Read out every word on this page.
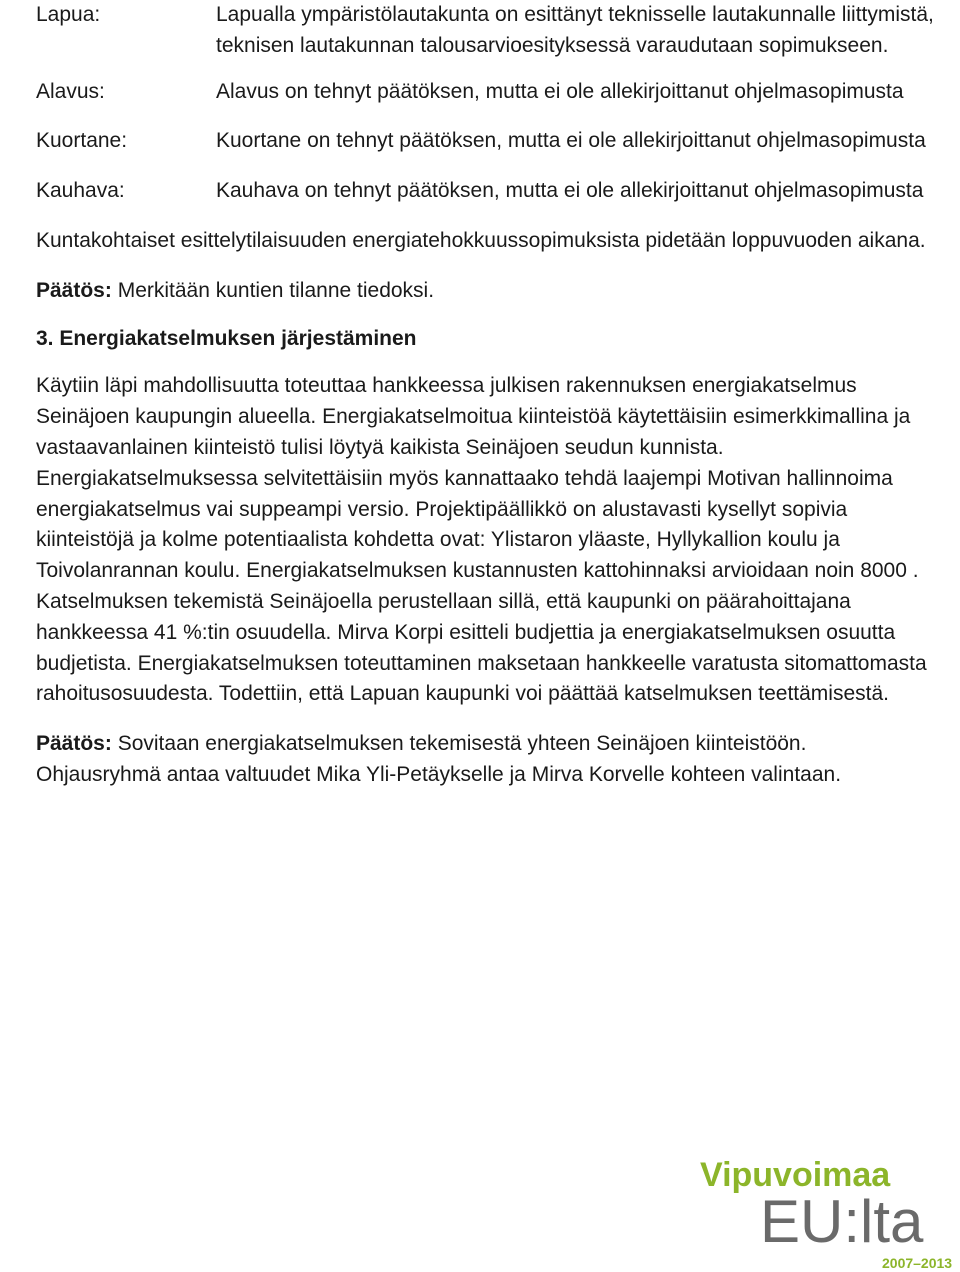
Lapua:	Lapualla ympäristölautakunta on esittänyt teknisselle lautakunnalle liittymistä, teknisen lautakunnan talousarvioesityksessä varaudutaan sopimukseen.
Alavus:	Alavus on tehnyt päätöksen, mutta ei ole allekirjoittanut ohjelmasopimusta
Kuortane:	Kuortane on tehnyt päätöksen, mutta ei ole allekirjoittanut ohjelmasopimusta
Kauhava:	Kauhava on tehnyt päätöksen, mutta ei ole allekirjoittanut ohjelmasopimusta

Kuntakohtaiset esittelytilaisuuden energiatehokkuussopimuksista pidetään loppuvuoden aikana.

Päätös: Merkitään kuntien tilanne tiedoksi.

3. Energiakatselmuksen järjestäminen

Käytiin läpi mahdollisuutta toteuttaa hankkeessa julkisen rakennuksen energiakatselmus Seinäjoen kaupungin alueella. Energiakatselmoitua kiinteistöä käytettäisiin esimerkkimallina ja vastaavanlainen kiinteistö tulisi löytyä kaikista Seinäjoen seudun kunnista. Energiakatselmuksessa selvitettäisiin myös kannattaako tehdä laajempi Motivan hallinnoima energiakatselmus vai suppeampi versio. Projektipäällikkö on alustavasti kysellyt sopivia kiinteistöjä ja kolme potentiaalista kohdetta ovat: Ylistaron yläaste, Hyllykallion koulu ja Toivolanrannan koulu. Energiakatselmuksen kustannusten kattohinnaksi arvioidaan noin 8000 . Katselmuksen tekemistä Seinäjoella perustellaan sillä, että kaupunki on päärahoittajana hankkeessa 41 %:tin osuudella. Mirva Korpi esitteli budjettia ja energiakatselmuksen osuutta budjetista. Energiakatselmuksen toteuttaminen maksetaan hankkeelle varatusta sitomattomasta rahoitusosuudesta. Todettiin, että Lapuan kaupunki voi päättää katselmuksen teettämisestä.

Päätös: Sovitaan energiakatselmuksen tekemisestä yhteen Seinäjoen kiinteistöön. Ohjausryhmä antaa valtuudet Mika Yli-Petäykselle ja Mirva Korvelle kohteen valintaan.

Vipuvoimaa
EU:lta
2007–2013
